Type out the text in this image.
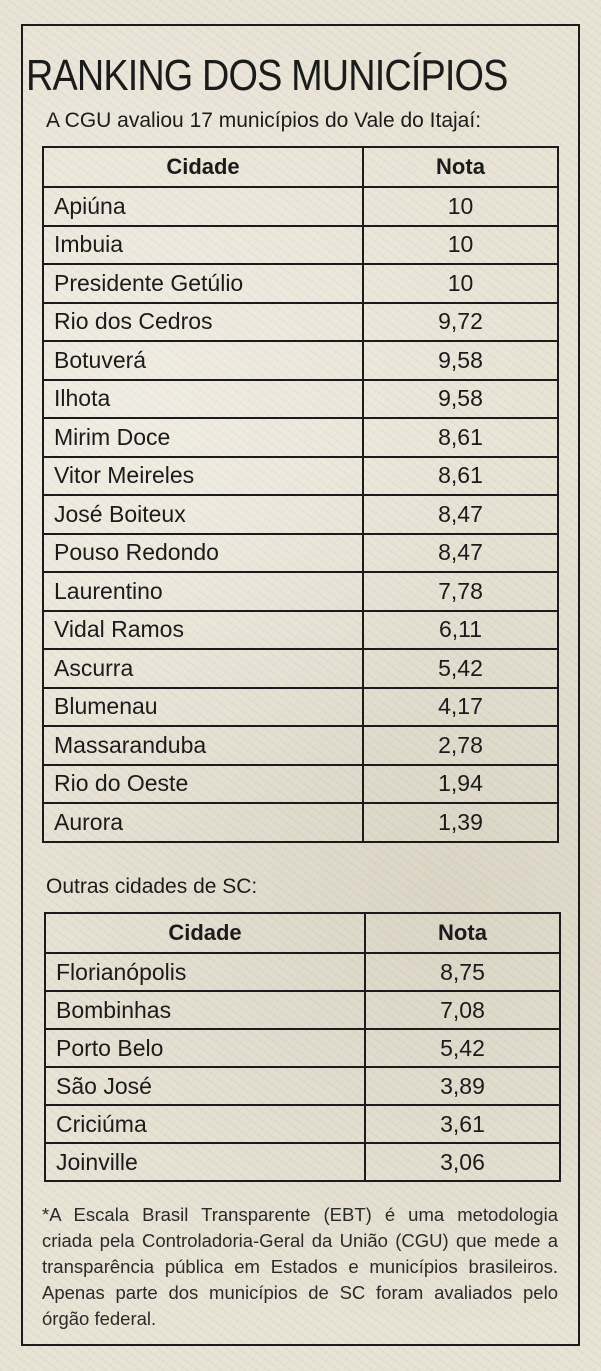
RANKING DOS MUNICÍPIOS
A CGU avaliou 17 municípios do Vale do Itajaí:
Cidade	Nota
Apiúna	10
Imbuia	10
Presidente Getúlio	10
Rio dos Cedros	9,72
Botuverá	9,58
Ilhota	9,58
Mirim Doce	8,61
Vitor Meireles	8,61
José Boiteux	8,47
Pouso Redondo	8,47
Laurentino	7,78
Vidal Ramos	6,11
Ascurra	5,42
Blumenau	4,17
Massaranduba	2,78
Rio do Oeste	1,94
Aurora	1,39
Outras cidades de SC:
Cidade	Nota
Florianópolis	8,75
Bombinhas	7,08
Porto Belo	5,42
São José	3,89
Criciúma	3,61
Joinville	3,06
*A Escala Brasil Transparente (EBT) é uma metodologia criada pela Controladoria-Geral da União (CGU) que mede a transparência pública em Estados e municípios brasileiros. Apenas parte dos municípios de SC foram avaliados pelo órgão federal.
